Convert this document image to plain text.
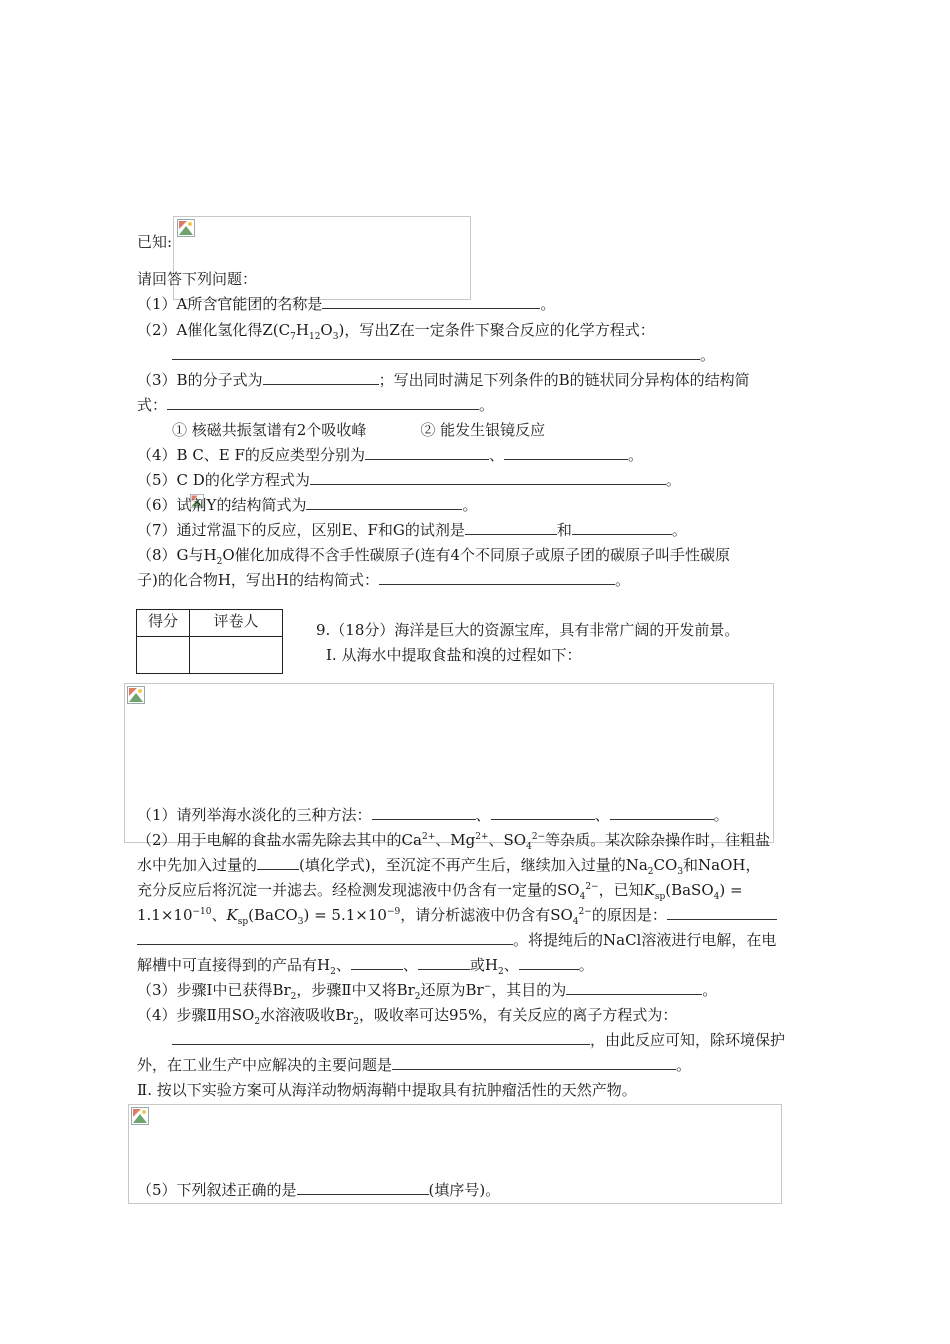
已知:
请回答下列问题：
（1）A所含官能团的名称是	。
（2）A催化氢化得$Z(C_7H_{12}O_3)$，写出Z在一定条件下聚合反应的化学方程式：
。
（3）B的分子式为	；写出同时满足下列条件的B的链状同分异构体的结构简
式：	。
① 核磁共振氢谱有2个吸收峰	② 能发生银镜反应
（4）B C、E F的反应类型分别为	、	。
（5）C D的化学方程式为	。
（6）试剂Y的结构简式为	。
（7）通过常温下的反应，区别E、F和G的试剂是	和	。
（8）G与$H_2O$催化加成得不含手性碳原子(连有4个不同原子或原子团的碳原子叫手性碳原
子)的化合物H，写出H的结构简式：	。
得分	评卷人
		9.（18分）海洋是巨大的资源宝库，具有非常广阔的开发前景。
Ⅰ. 从海水中提取食盐和溴的过程如下：
（1）请列举海水淡化的三种方法：	、	、	。
（2）用于电解的食盐水需先除去其中的$Ca^{2+}$、$Mg^{2+}$、$SO_4^{2-}$等杂质。某次除杂操作时，往粗盐
水中先加入过量的	(填化学式)，至沉淀不再产生后，继续加入过量的$Na_2CO_3$和NaOH，
充分反应后将沉淀一并滤去。经检测发现滤液中仍含有一定量的$SO_4^{2-}$，已知$K_{sp}(BaSO_4)$ =
$1.1\times 10^{-10}$、$K_{sp}(BaCO_3) = 5.1\times 10^{-9}$，请分析滤液中仍含有$SO_4^{2-}$的原因是：
。将提纯后的NaCl溶液进行电解，在电
解槽中可直接得到的产品有$H_2$、	、	或$H_2$、	。
（3）步骤Ⅰ中已获得$Br_2$，步骤Ⅱ中又将$Br_2$还原为Br−，其目的为	。
（4）步骤Ⅱ用$SO_2$水溶液吸收$Br_2$，吸收率可达95%，有关反应的离子方程式为：
，由此反应可知，除环境保护
外，在工业生产中应解决的主要问题是	。
Ⅱ. 按以下实验方案可从海洋动物炳海鞘中提取具有抗肿瘤活性的天然产物。
（5）下列叙述正确的是	(填序号)。
